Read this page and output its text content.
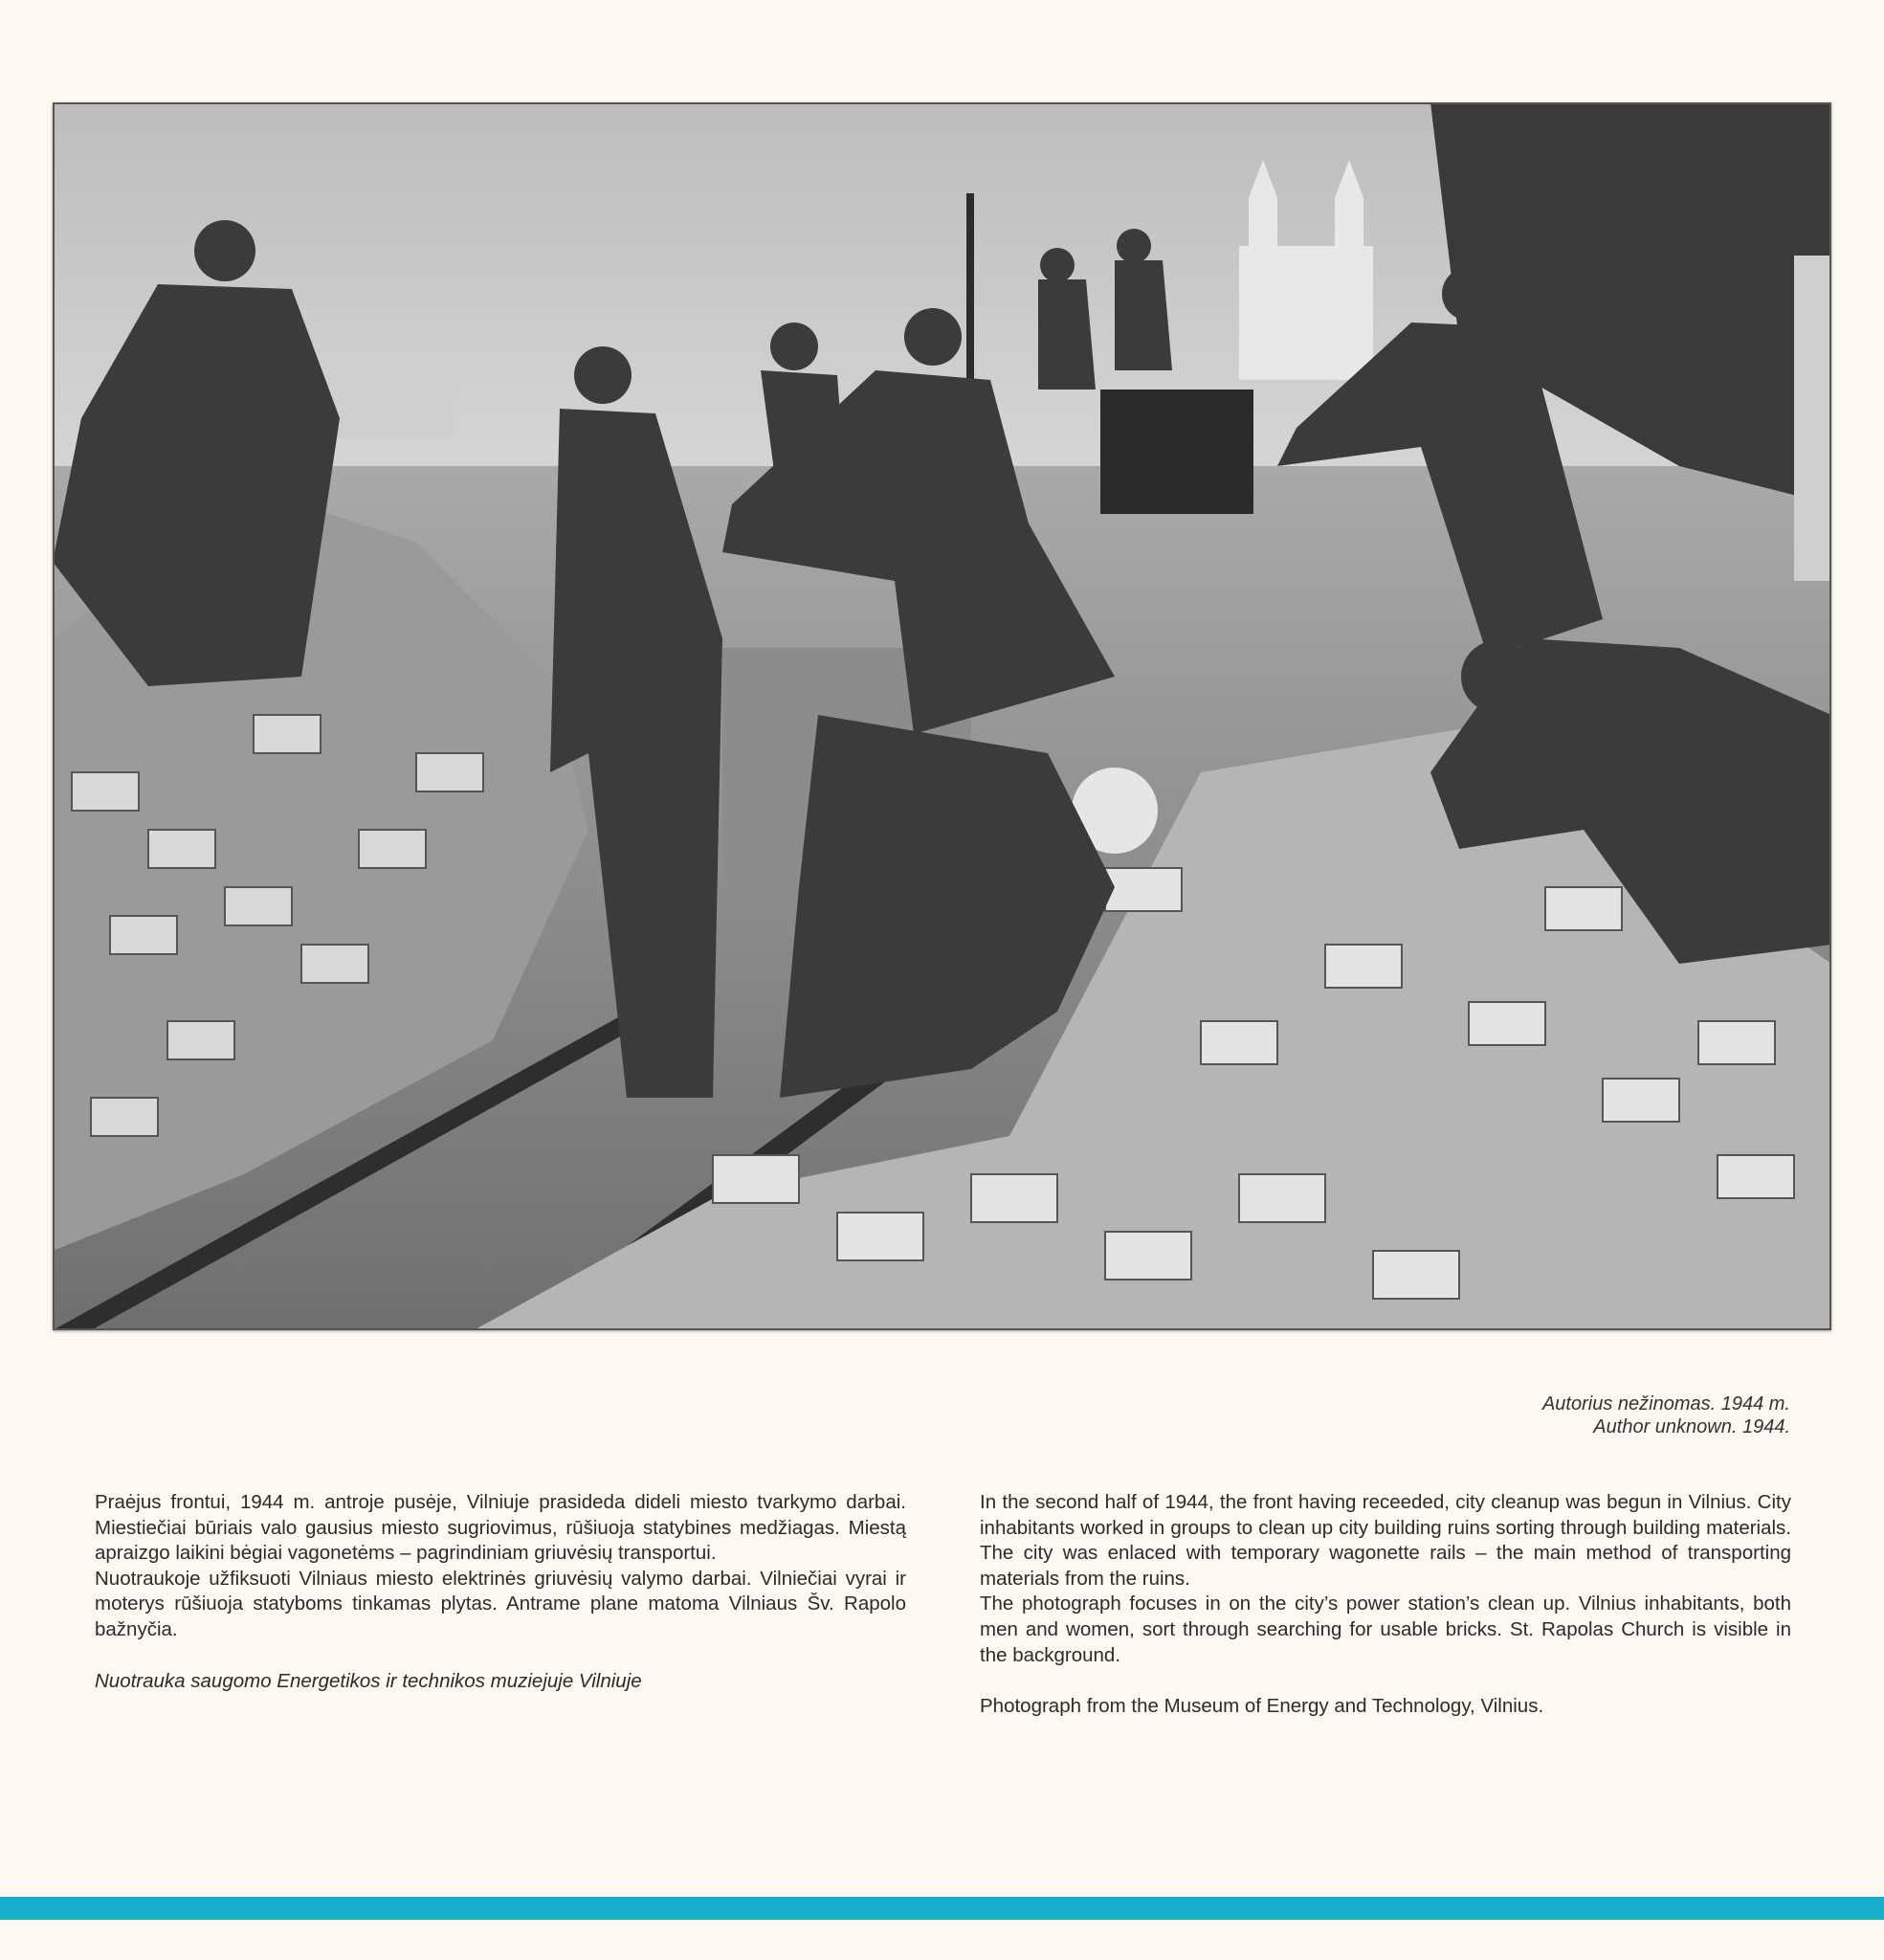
Autorius nežinomas. 1944 m.
Author unknown. 1944.

Praėjus frontui, 1944 m. antroje pusėje, Vilniuje prasideda dideli miesto tvarkymo darbai. Miestiečiai būriais valo gausius miesto sugriovimus, rūšiuoja statybines medžiagas. Miestą apraizgo laikini bėgiai vagonetėms – pagrindiniam griuvėsių transportui.

Nuotraukoje užfiksuoti Vilniaus miesto elektrinės griuvėsių valymo darbai. Vilniečiai vyrai ir moterys rūšiuoja statyboms tinkamas plytas. Antrame plane matoma Vilniaus Šv. Rapolo bažnyčia.

Nuotrauka saugomo Energetikos ir technikos muziejuje Vilniuje

In the second half of 1944, the front having receeded, city cleanup was begun in Vilnius. City inhabitants worked in groups to clean up city building ruins sorting through building materials. The city was enlaced with temporary wagonette rails – the main method of transporting materials from the ruins.

The photograph focuses in on the city’s power station’s clean up. Vilnius inhabitants, both men and women, sort through searching for usable bricks. St. Rapolas Church is visible in the background.

Photograph from the Museum of Energy and Technology, Vilnius.
